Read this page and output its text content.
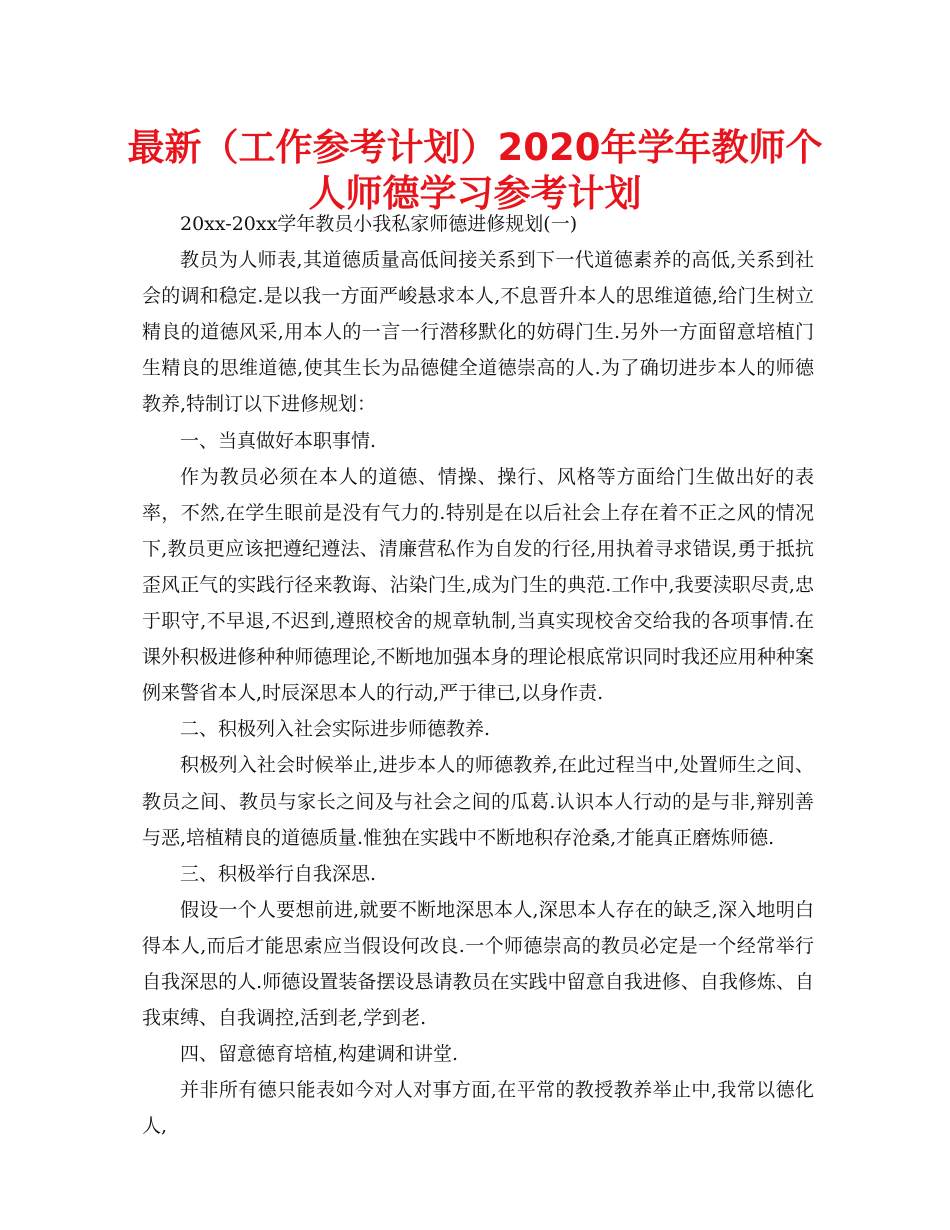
最新（工作参考计划）2020年学年教师个
人师德学习参考计划

20xx-20xx学年教员小我私家师德进修规划(一)

教员为人师表,其道德质量高低间接关系到下一代道德素养的高低,关系到社会的调和稳定.是以我一方面严峻悬求本人,不息晋升本人的思维道德,给门生树立精良的道德风采,用本人的一言一行潜移默化的妨碍门生.另外一方面留意培植门生精良的思维道德,使其生长为品德健全道德崇高的人.为了确切进步本人的师德教养,特制订以下进修规划：

一、当真做好本职事情.

作为教员必须在本人的道德、情操、操行、风格等方面给门生做出好的表率，不然,在学生眼前是没有气力的.特别是在以后社会上存在着不正之风的情况下,教员更应该把遵纪遵法、清廉营私作为自发的行径,用执着寻求错误,勇于抵抗歪风正气的实践行径来教诲、沾染门生,成为门生的典范.工作中,我要渎职尽责,忠于职守,不早退,不迟到,遵照校舍的规章轨制,当真实现校舍交给我的各项事情.在课外积极进修种种师德理论,不断地加强本身的理论根底常识同时我还应用种种案例来警省本人,时辰深思本人的行动,严于律已,以身作责.

二、积极列入社会实际进步师德教养.

积极列入社会时候举止,进步本人的师德教养,在此过程当中,处置师生之间、教员之间、教员与家长之间及与社会之间的瓜葛.认识本人行动的是与非,辩别善与恶,培植精良的道德质量.惟独在实践中不断地积存沧桑,才能真正磨炼师德.

三、积极举行自我深思.

假设一个人要想前进,就要不断地深思本人,深思本人存在的缺乏,深入地明白得本人,而后才能思索应当假设何改良.一个师德崇高的教员必定是一个经常举行自我深思的人.师德设置装备摆设恳请教员在实践中留意自我进修、自我修炼、自我束缚、自我调控,活到老,学到老.

四、留意德育培植,构建调和讲堂.

并非所有德只能表如今对人对事方面,在平常的教授教养举止中,我常以德化人,
